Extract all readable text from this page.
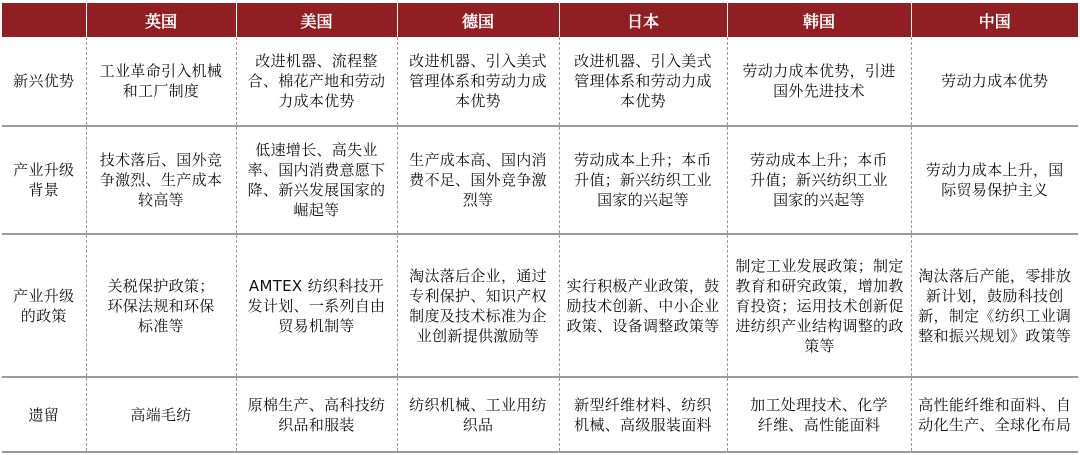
	英国	美国	德国	日本	韩国	中国
新兴优势	工业革命引入机械和工厂制度	改进机器、流程整合、棉花产地和劳动力成本优势	改进机器、引入美式管理体系和劳动力成本优势	改进机器、引入美式管理体系和劳动力成本优势	劳动力成本优势，引进国外先进技术	劳动力成本优势
产业升级背景	技术落后、国外竞争激烈、生产成本较高等	低速增长、高失业率、国内消费意愿下降、新兴发展国家的崛起等	生产成本高、国内消费不足、国外竞争激烈等	劳动成本上升；本币升值；新兴纺织工业国家的兴起等	劳动成本上升；本币升值；新兴纺织工业国家的兴起等	劳动力成本上升，国际贸易保护主义
产业升级的政策	关税保护政策；环保法规和环保标准等	AMTEX 纺织科技开发计划、一系列自由贸易机制等	淘汰落后企业，通过专利保护、知识产权制度及技术标准为企业创新提供激励等	实行积极产业政策，鼓励技术创新、中小企业政策、设备调整政策等	制定工业发展政策；制定教育和研究政策，增加教育投资；运用技术创新促进纺织产业结构调整的政策等	淘汰落后产能，零排放新计划，鼓励科技创新，制定《纺织工业调整和振兴规划》政策等
遗留	高端毛纺	原棉生产、高科技纺织品和服装	纺织机械、工业用纺织品	新型纤维材料、纺织机械、高级服装面料	加工处理技术、化学纤维、高性能面料	高性能纤维和面料、自动化生产、全球化布局
